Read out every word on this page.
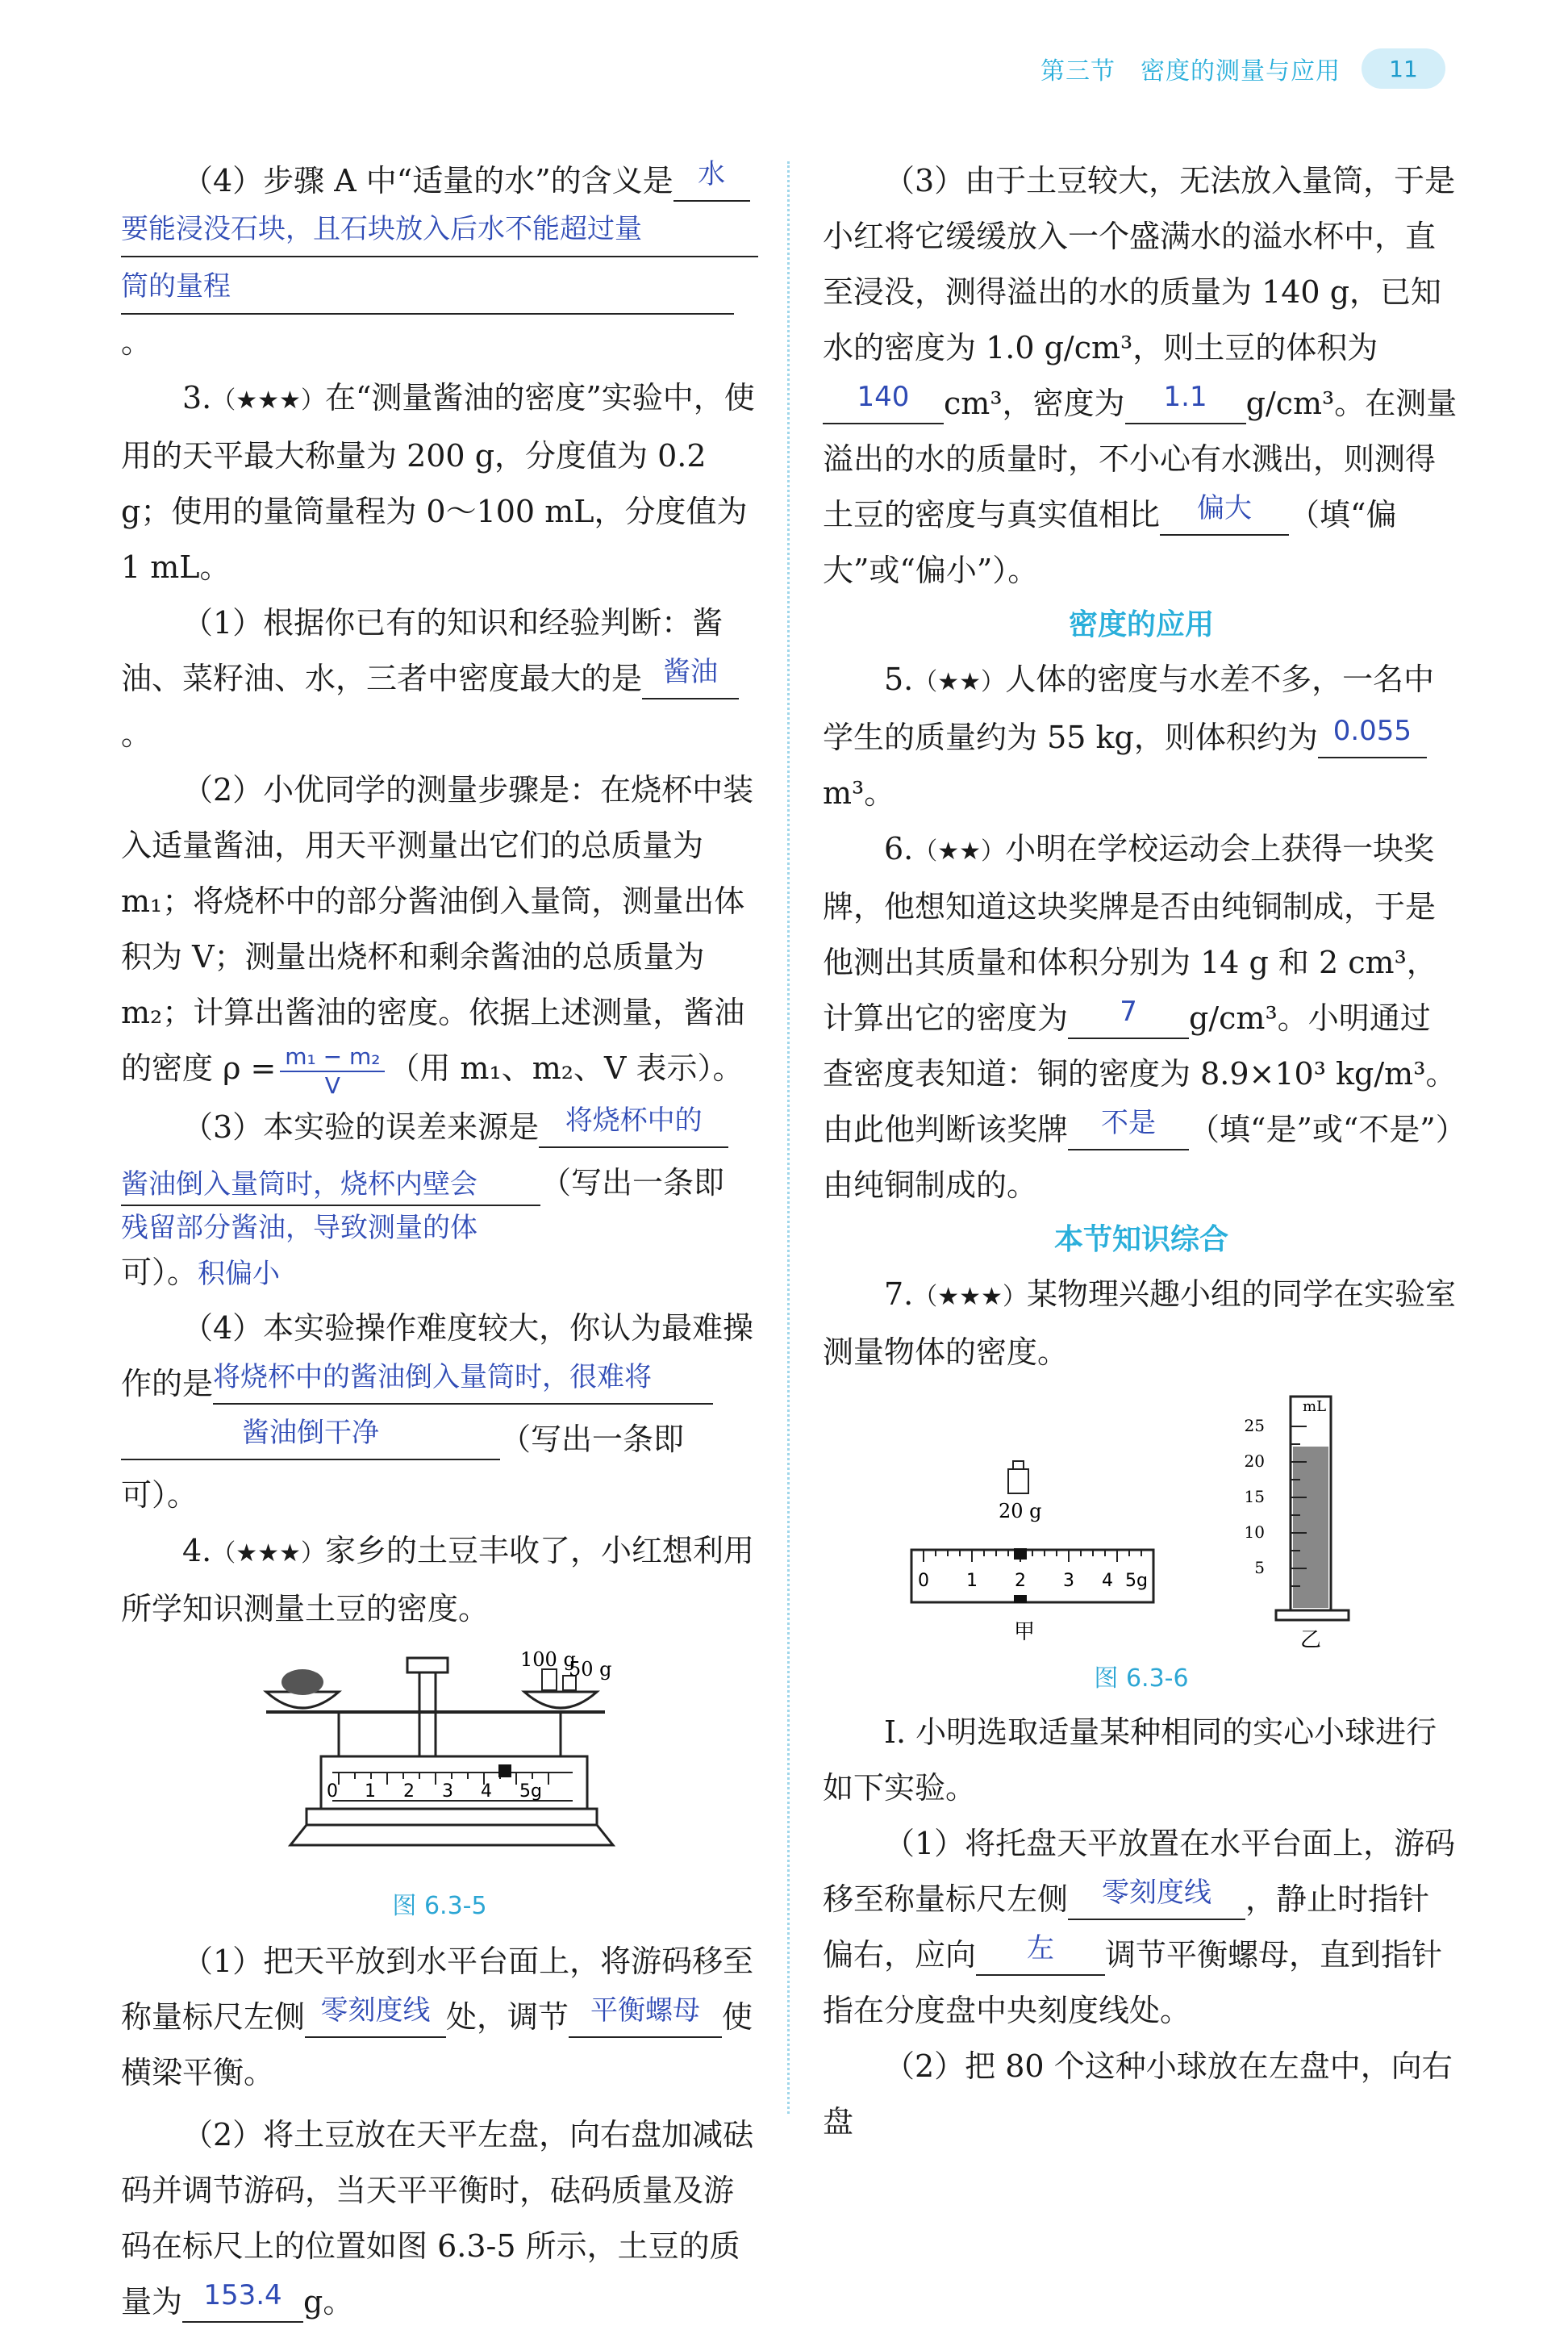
第三节　密度的测量与应用	11

（4）步骤 A 中“适量的水”的含义是 水
要能浸没石块，且石块放入后水不能超过量
筒的量程。

3.（★★★）在“测量酱油的密度”实验中，使用的天平最大称量为 200 g，分度值为 0.2 g；使用的量筒量程为 0～100 mL，分度值为 1 mL。

（1）根据你已有的知识和经验判断：酱油、菜籽油、水，三者中密度最大的是 酱油。

（2）小优同学的测量步骤是：在烧杯中装入适量酱油，用天平测量出它们的总质量为 m₁；将烧杯中的部分酱油倒入量筒，测量出体积为 V；测量出烧杯和剩余酱油的总质量为 m₂；计算出酱油的密度。依据上述测量，酱油的密度 $\rho = \frac{\text{m₁ − m₂}}{V}$ （用 m₁、m₂、V 表示）。

（3）本实验的误差来源是 将烧杯中的 酱油倒入量筒时，烧杯内壁会 （写出一条即
残留部分酱油，导致测量的体
可）。积偏小

（4）本实验操作难度较大，你认为最难操作的是将烧杯中的酱油倒入量筒时，很难将 酱油倒干净	（写出一条即可）。

4.（★★★）家乡的土豆丰收了，小红想利用所学知识测量土豆的密度。

0 1 2 3 4 5g
100 g
50 g
图 6.3-5

（1）把天平放到水平台面上，将游码移至称量标尺左侧 零刻度线 处，调节 平衡螺母 使横梁平衡。

（2）将土豆放在天平左盘，向右盘加减砝码并调节游码，当天平平衡时，砝码质量及游码在标尺上的位置如图 6.3-5 所示，土豆的质量为 153.4 g。

（3）由于土豆较大，无法放入量筒，于是小红将它缓缓放入一个盛满水的溢水杯中，直至浸没，测得溢出的水的质量为 140 g，已知水的密度为 1.0 g/cm³，则土豆的体积为140 cm³，密度为 1.1 g/cm³。在测量溢出的水的质量时，不小心有水溅出，则测得土豆的密度与真实值相比 偏大 （填“偏大”或“偏小”）。

密度的应用

5.（★★）人体的密度与水差不多，一名中学生的质量约为 55 kg，则体积约为 0.055m³。

6.（★★）小明在学校运动会上获得一块奖牌，他想知道这块奖牌是否由纯铜制成，于是他测出其质量和体积分别为 14 g 和 2 cm³，计算出它的密度为 7 g/cm³。小明通过查密度表知道：铜的密度为 8.9×10³ kg/m³。由此他判断该奖牌 不是 （填“是”或“不是”）由纯铜制成的。

本节知识综合

7.（★★★）某物理兴趣小组的同学在实验室测量物体的密度。

20 g
0 1 2 3 4 5g
甲
mL
25
20
15
10
5
乙
图 6.3-6

Ⅰ. 小明选取适量某种相同的实心小球进行如下实验。

（1）将托盘天平放置在水平台面上，游码移至称量标尺左侧 零刻度线 ，静止时指针偏右，应向 左 调节平衡螺母，直到指针指在分度盘中央刻度线处。

（2）把 80 个这种小球放在左盘中，向右盘
